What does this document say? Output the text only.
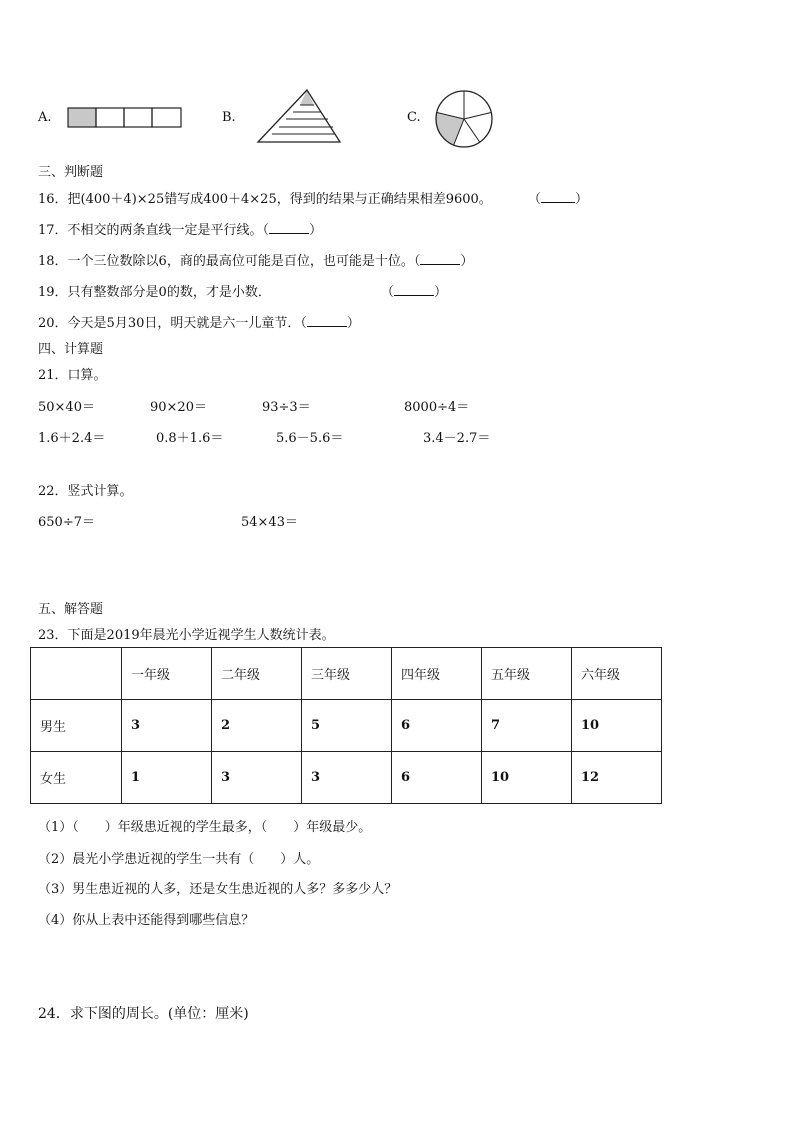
A.	B.	C.
三、判断题
16．把(400＋4)×25错写成400＋4×25，得到的结果与正确结果相差9600。	（	）
17．不相交的两条直线一定是平行线。（	）
18．一个三位数除以6，商的最高位可能是百位，也可能是十位。（	）
19．只有整数部分是0的数，才是小数．	（	）
20．今天是5月30日，明天就是六一儿童节．（	）
四、计算题
21．口算。
50×40＝	90×20＝	93÷3＝	8000÷4＝
1.6＋2.4＝	0.8＋1.6＝	5.6－5.6＝	3.4－2.7＝
22．竖式计算。
650÷7＝	54×43＝
五、解答题
23．下面是2019年晨光小学近视学生人数统计表。
	一年级	二年级	三年级	四年级	五年级	六年级
男生	3	2	5	6	7	10
女生	1	3	3	6	10	12
（1）（　　）年级患近视的学生最多，（　　）年级最少。
（2）晨光小学患近视的学生一共有（　　）人。
（3）男生患近视的人多，还是女生患近视的人多？多多少人？
（4）你从上表中还能得到哪些信息？
24．求下图的周长。(单位：厘米)
